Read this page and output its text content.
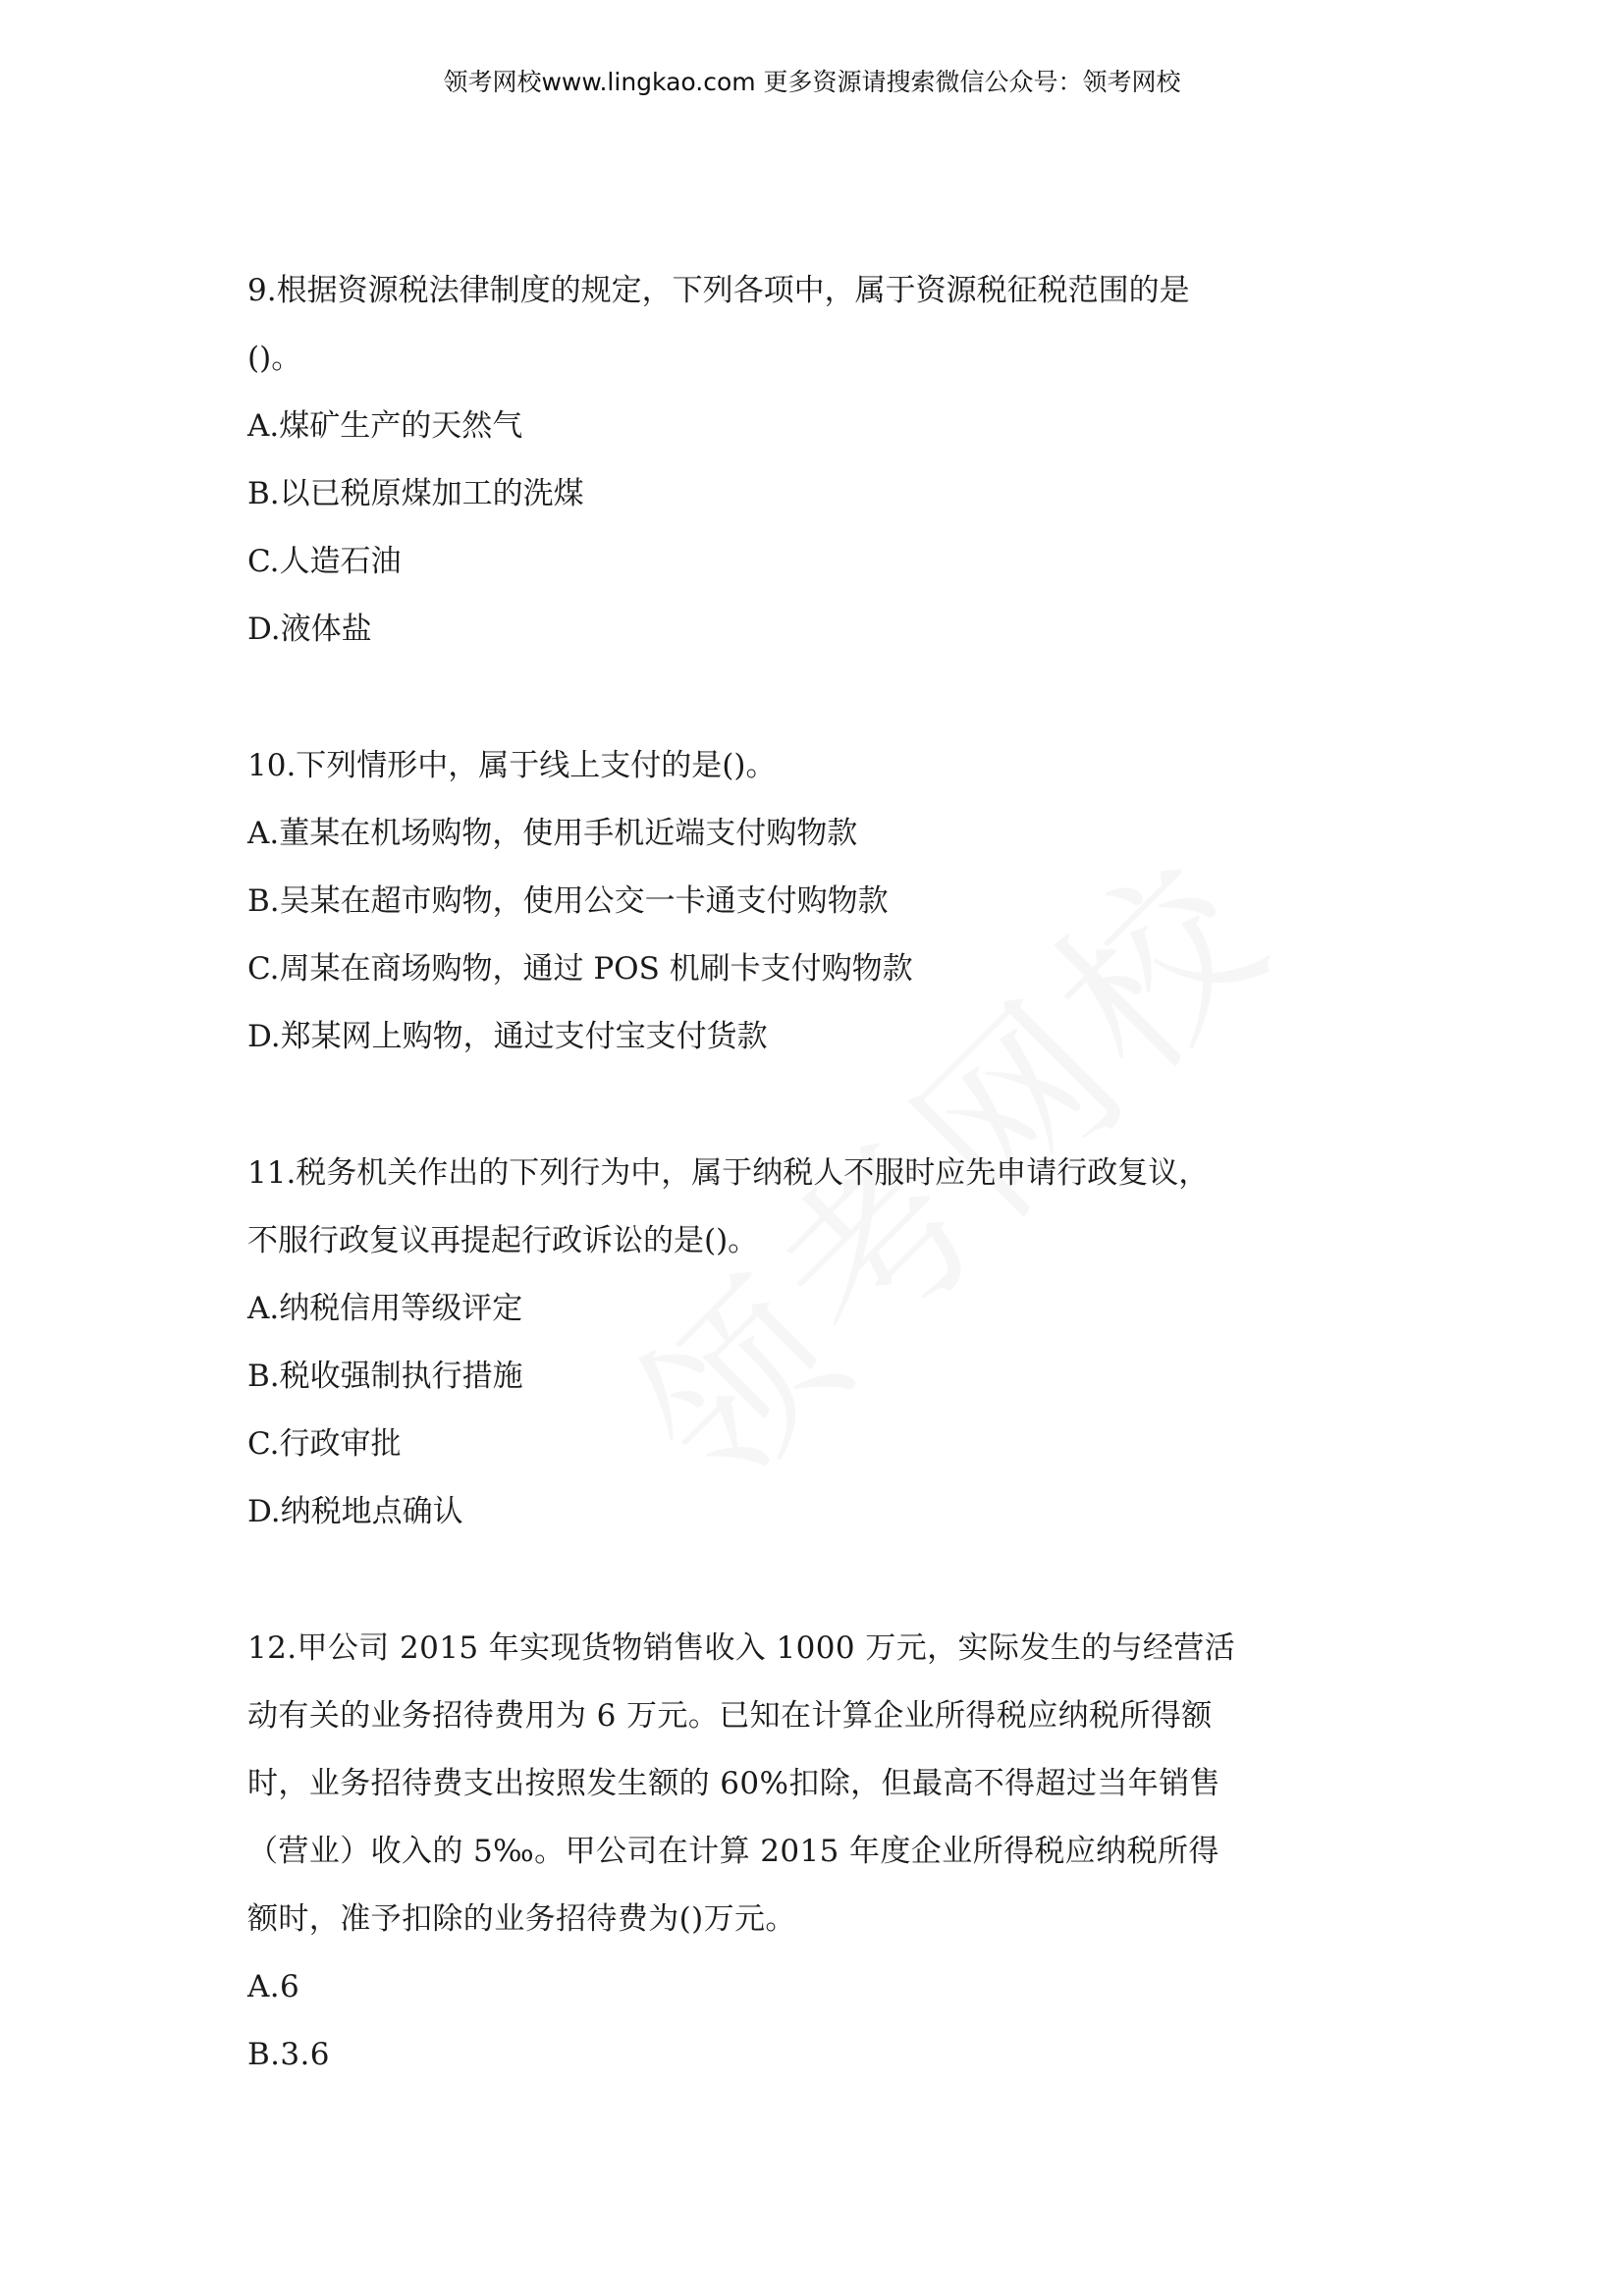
领考网校www.lingkao.com 更多资源请搜索微信公众号：领考网校
9.根据资源税法律制度的规定，下列各项中，属于资源税征税范围的是
()。
A.煤矿生产的天然气
B.以已税原煤加工的洗煤
C.人造石油
D.液体盐
10.下列情形中，属于线上支付的是()。
A.董某在机场购物，使用手机近端支付购物款
B.吴某在超市购物，使用公交一卡通支付购物款
C.周某在商场购物，通过 POS 机刷卡支付购物款
D.郑某网上购物，通过支付宝支付货款
11.税务机关作出的下列行为中，属于纳税人不服时应先申请行政复议，
不服行政复议再提起行政诉讼的是()。
A.纳税信用等级评定
B.税收强制执行措施
C.行政审批
D.纳税地点确认
12.甲公司 2015 年实现货物销售收入 1000 万元，实际发生的与经营活
动有关的业务招待费用为 6 万元。已知在计算企业所得税应纳税所得额
时，业务招待费支出按照发生额的 60%扣除，但最高不得超过当年销售
（营业）收入的 5‰。甲公司在计算 2015 年度企业所得税应纳税所得
额时，准予扣除的业务招待费为()万元。
A.6
B.3.6
